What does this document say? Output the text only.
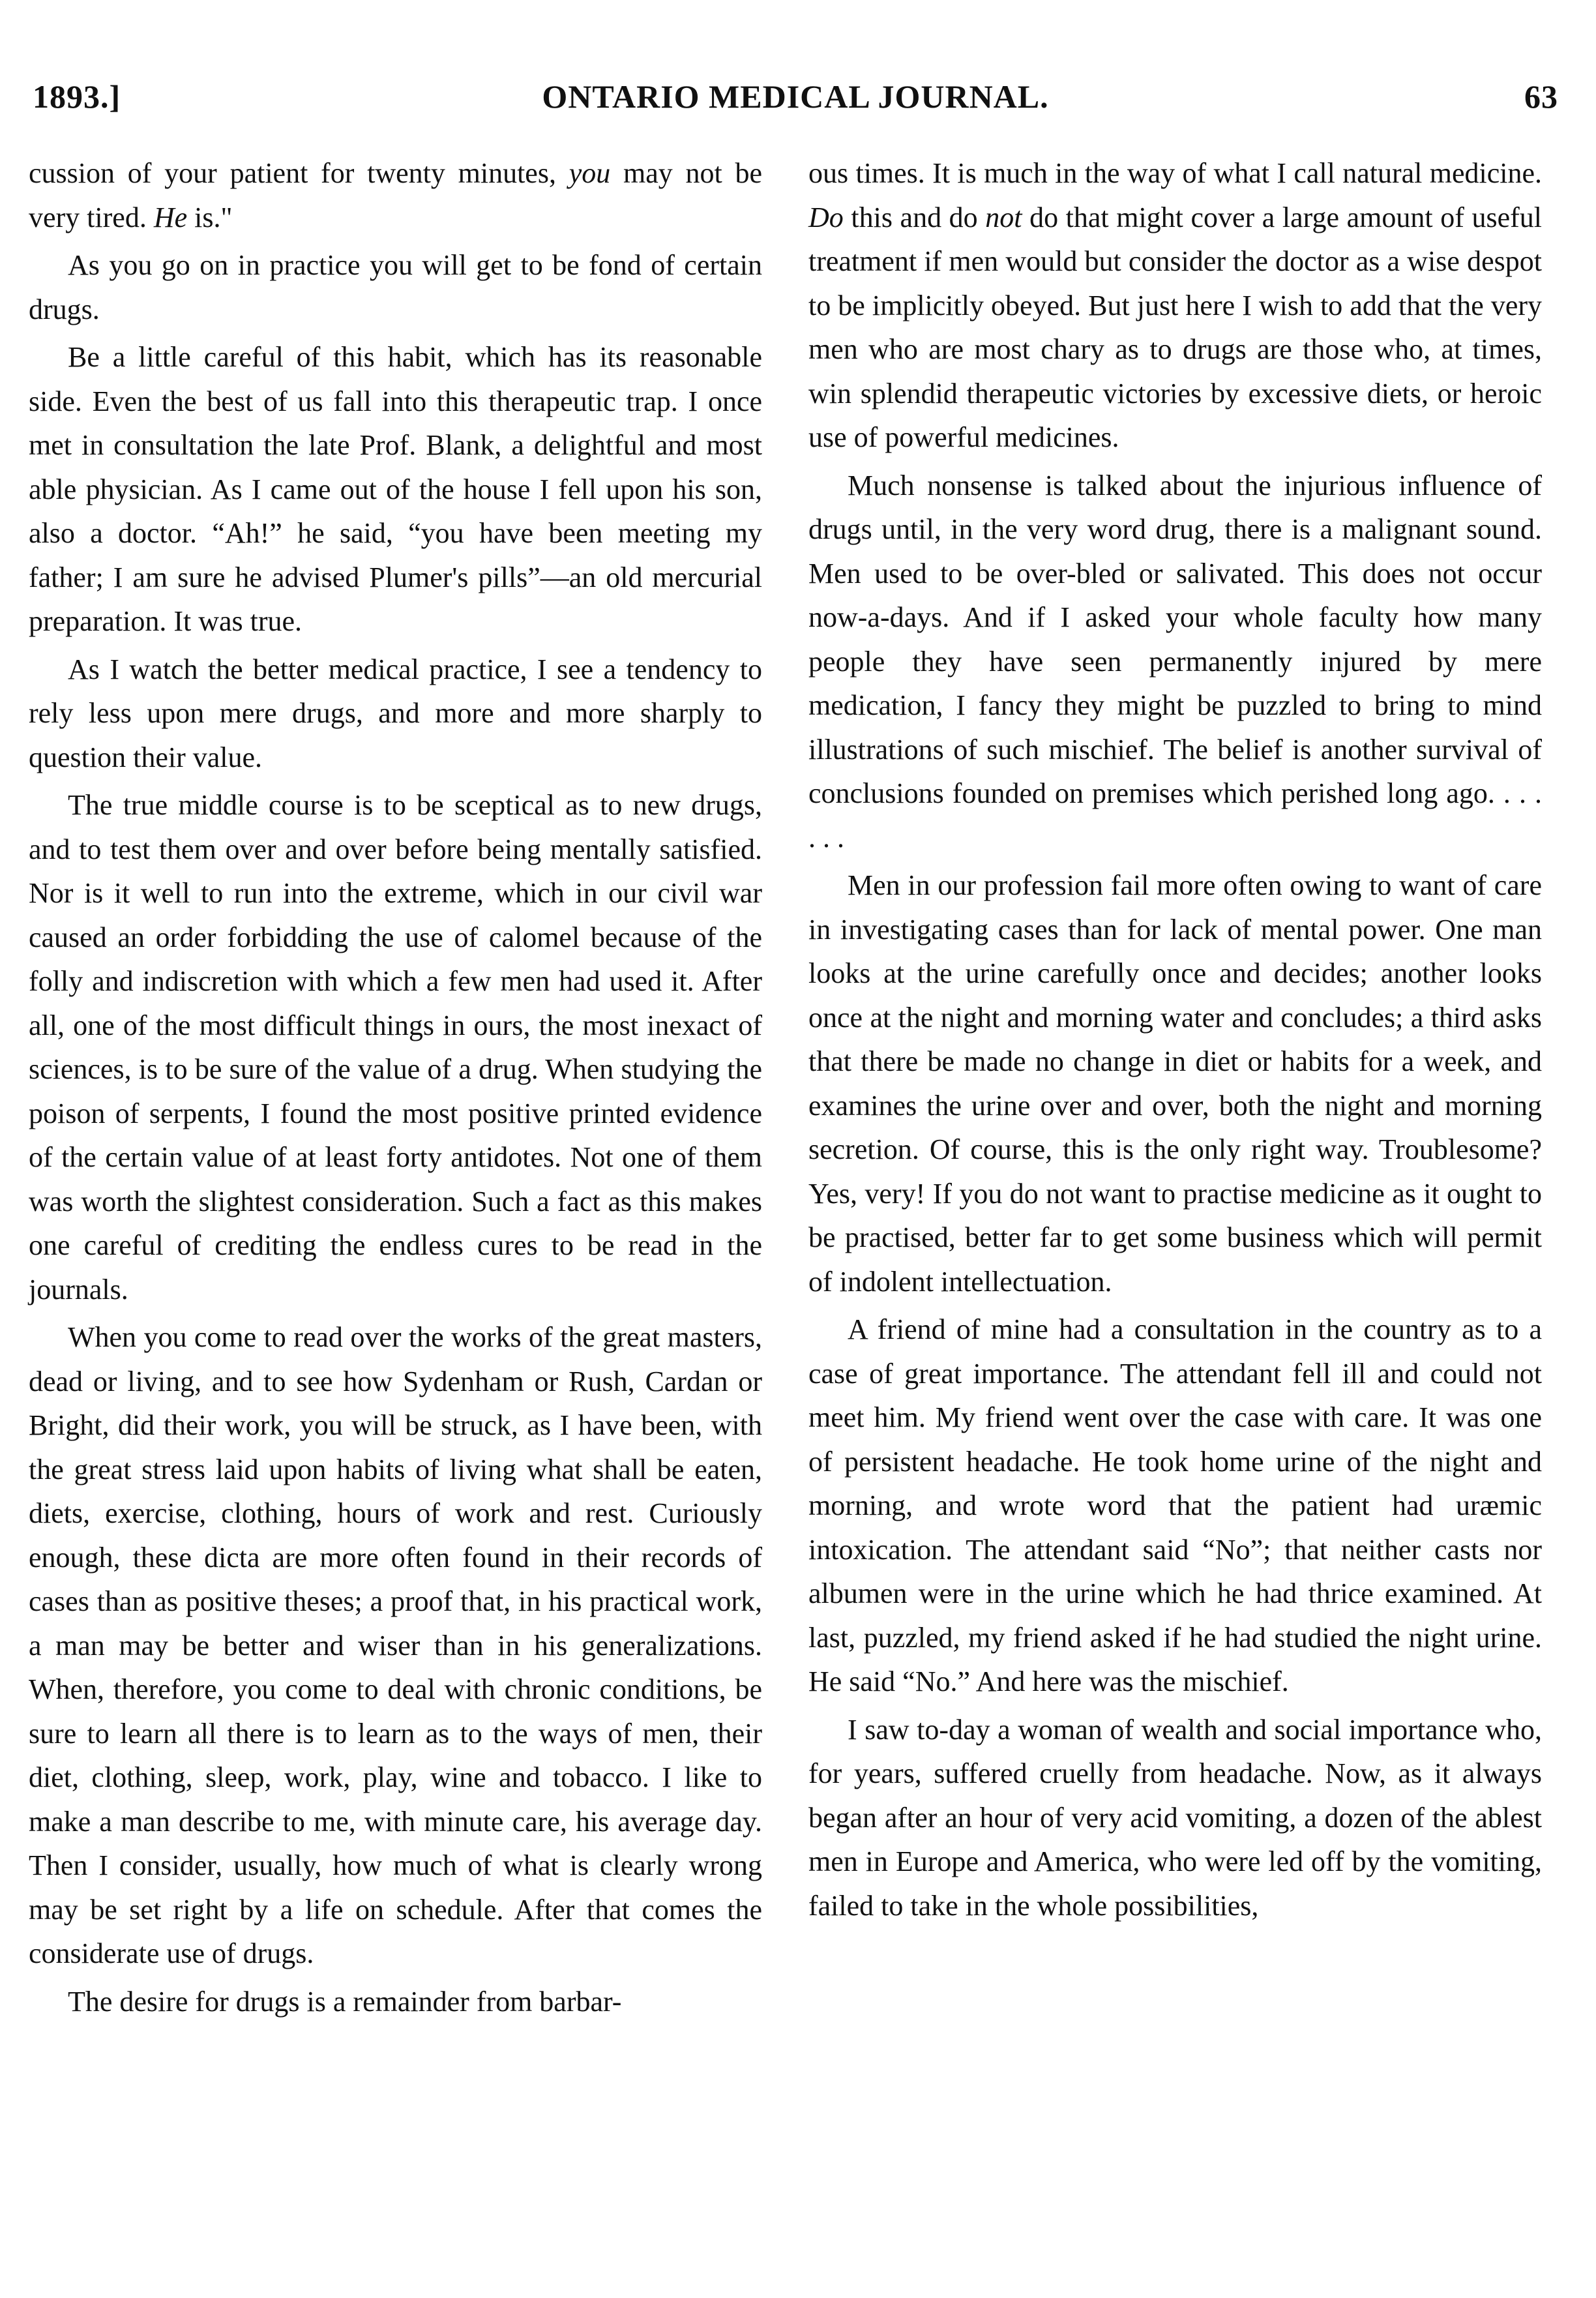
1893.]	ONTARIO MEDICAL JOURNAL.	63

cussion of your patient for twenty minutes, you may not be very tired. He is."

As you go on in practice you will get to be fond of certain drugs.

Be a little careful of this habit, which has its reasonable side. Even the best of us fall into this therapeutic trap. I once met in consultation the late Prof. Blank, a delightful and most able physician. As I came out of the house I fell upon his son, also a doctor. “Ah!” he said, “you have been meeting my father; I am sure he advised Plumer's pills”—an old mercurial preparation. It was true.

As I watch the better medical practice, I see a tendency to rely less upon mere drugs, and more and more sharply to question their value.

The true middle course is to be sceptical as to new drugs, and to test them over and over before being mentally satisfied. Nor is it well to run into the extreme, which in our civil war caused an order forbidding the use of calomel because of the folly and indiscretion with which a few men had used it. After all, one of the most difficult things in ours, the most inexact of sciences, is to be sure of the value of a drug. When studying the poison of serpents, I found the most positive printed evidence of the certain value of at least forty antidotes. Not one of them was worth the slightest consideration. Such a fact as this makes one careful of crediting the endless cures to be read in the journals.

When you come to read over the works of the great masters, dead or living, and to see how Sydenham or Rush, Cardan or Bright, did their work, you will be struck, as I have been, with the great stress laid upon habits of living what shall be eaten, diets, exercise, clothing, hours of work and rest. Curiously enough, these dicta are more often found in their records of cases than as positive theses; a proof that, in his practical work, a man may be better and wiser than in his generalizations. When, therefore, you come to deal with chronic conditions, be sure to learn all there is to learn as to the ways of men, their diet, clothing, sleep, work, play, wine and tobacco. I like to make a man describe to me, with minute care, his average day. Then I consider, usually, how much of what is clearly wrong may be set right by a life on schedule. After that comes the considerate use of drugs.

The desire for drugs is a remainder from barbar-

ous times. It is much in the way of what I call natural medicine. Do this and do not do that might cover a large amount of useful treatment if men would but consider the doctor as a wise despot to be implicitly obeyed. But just here I wish to add that the very men who are most chary as to drugs are those who, at times, win splendid therapeutic victories by excessive diets, or heroic use of powerful medicines.

Much nonsense is talked about the injurious influence of drugs until, in the very word drug, there is a malignant sound. Men used to be over-bled or salivated. This does not occur now-a-days. And if I asked your whole faculty how many people they have seen permanently injured by mere medication, I fancy they might be puzzled to bring to mind illustrations of such mischief. The belief is another survival of conclusions founded on premises which perished long ago. . . . . . .

Men in our profession fail more often owing to want of care in investigating cases than for lack of mental power. One man looks at the urine carefully once and decides; another looks once at the night and morning water and concludes; a third asks that there be made no change in diet or habits for a week, and examines the urine over and over, both the night and morning secretion. Of course, this is the only right way. Troublesome? Yes, very! If you do not want to practise medicine as it ought to be practised, better far to get some business which will permit of indolent intellectuation.

A friend of mine had a consultation in the country as to a case of great importance. The attendant fell ill and could not meet him. My friend went over the case with care. It was one of persistent headache. He took home urine of the night and morning, and wrote word that the patient had uræmic intoxication. The attendant said “No”; that neither casts nor albumen were in the urine which he had thrice examined. At last, puzzled, my friend asked if he had studied the night urine. He said “No.” And here was the mischief.

I saw to-day a woman of wealth and social importance who, for years, suffered cruelly from headache. Now, as it always began after an hour of very acid vomiting, a dozen of the ablest men in Europe and America, who were led off by the vomiting, failed to take in the whole possibilities,
